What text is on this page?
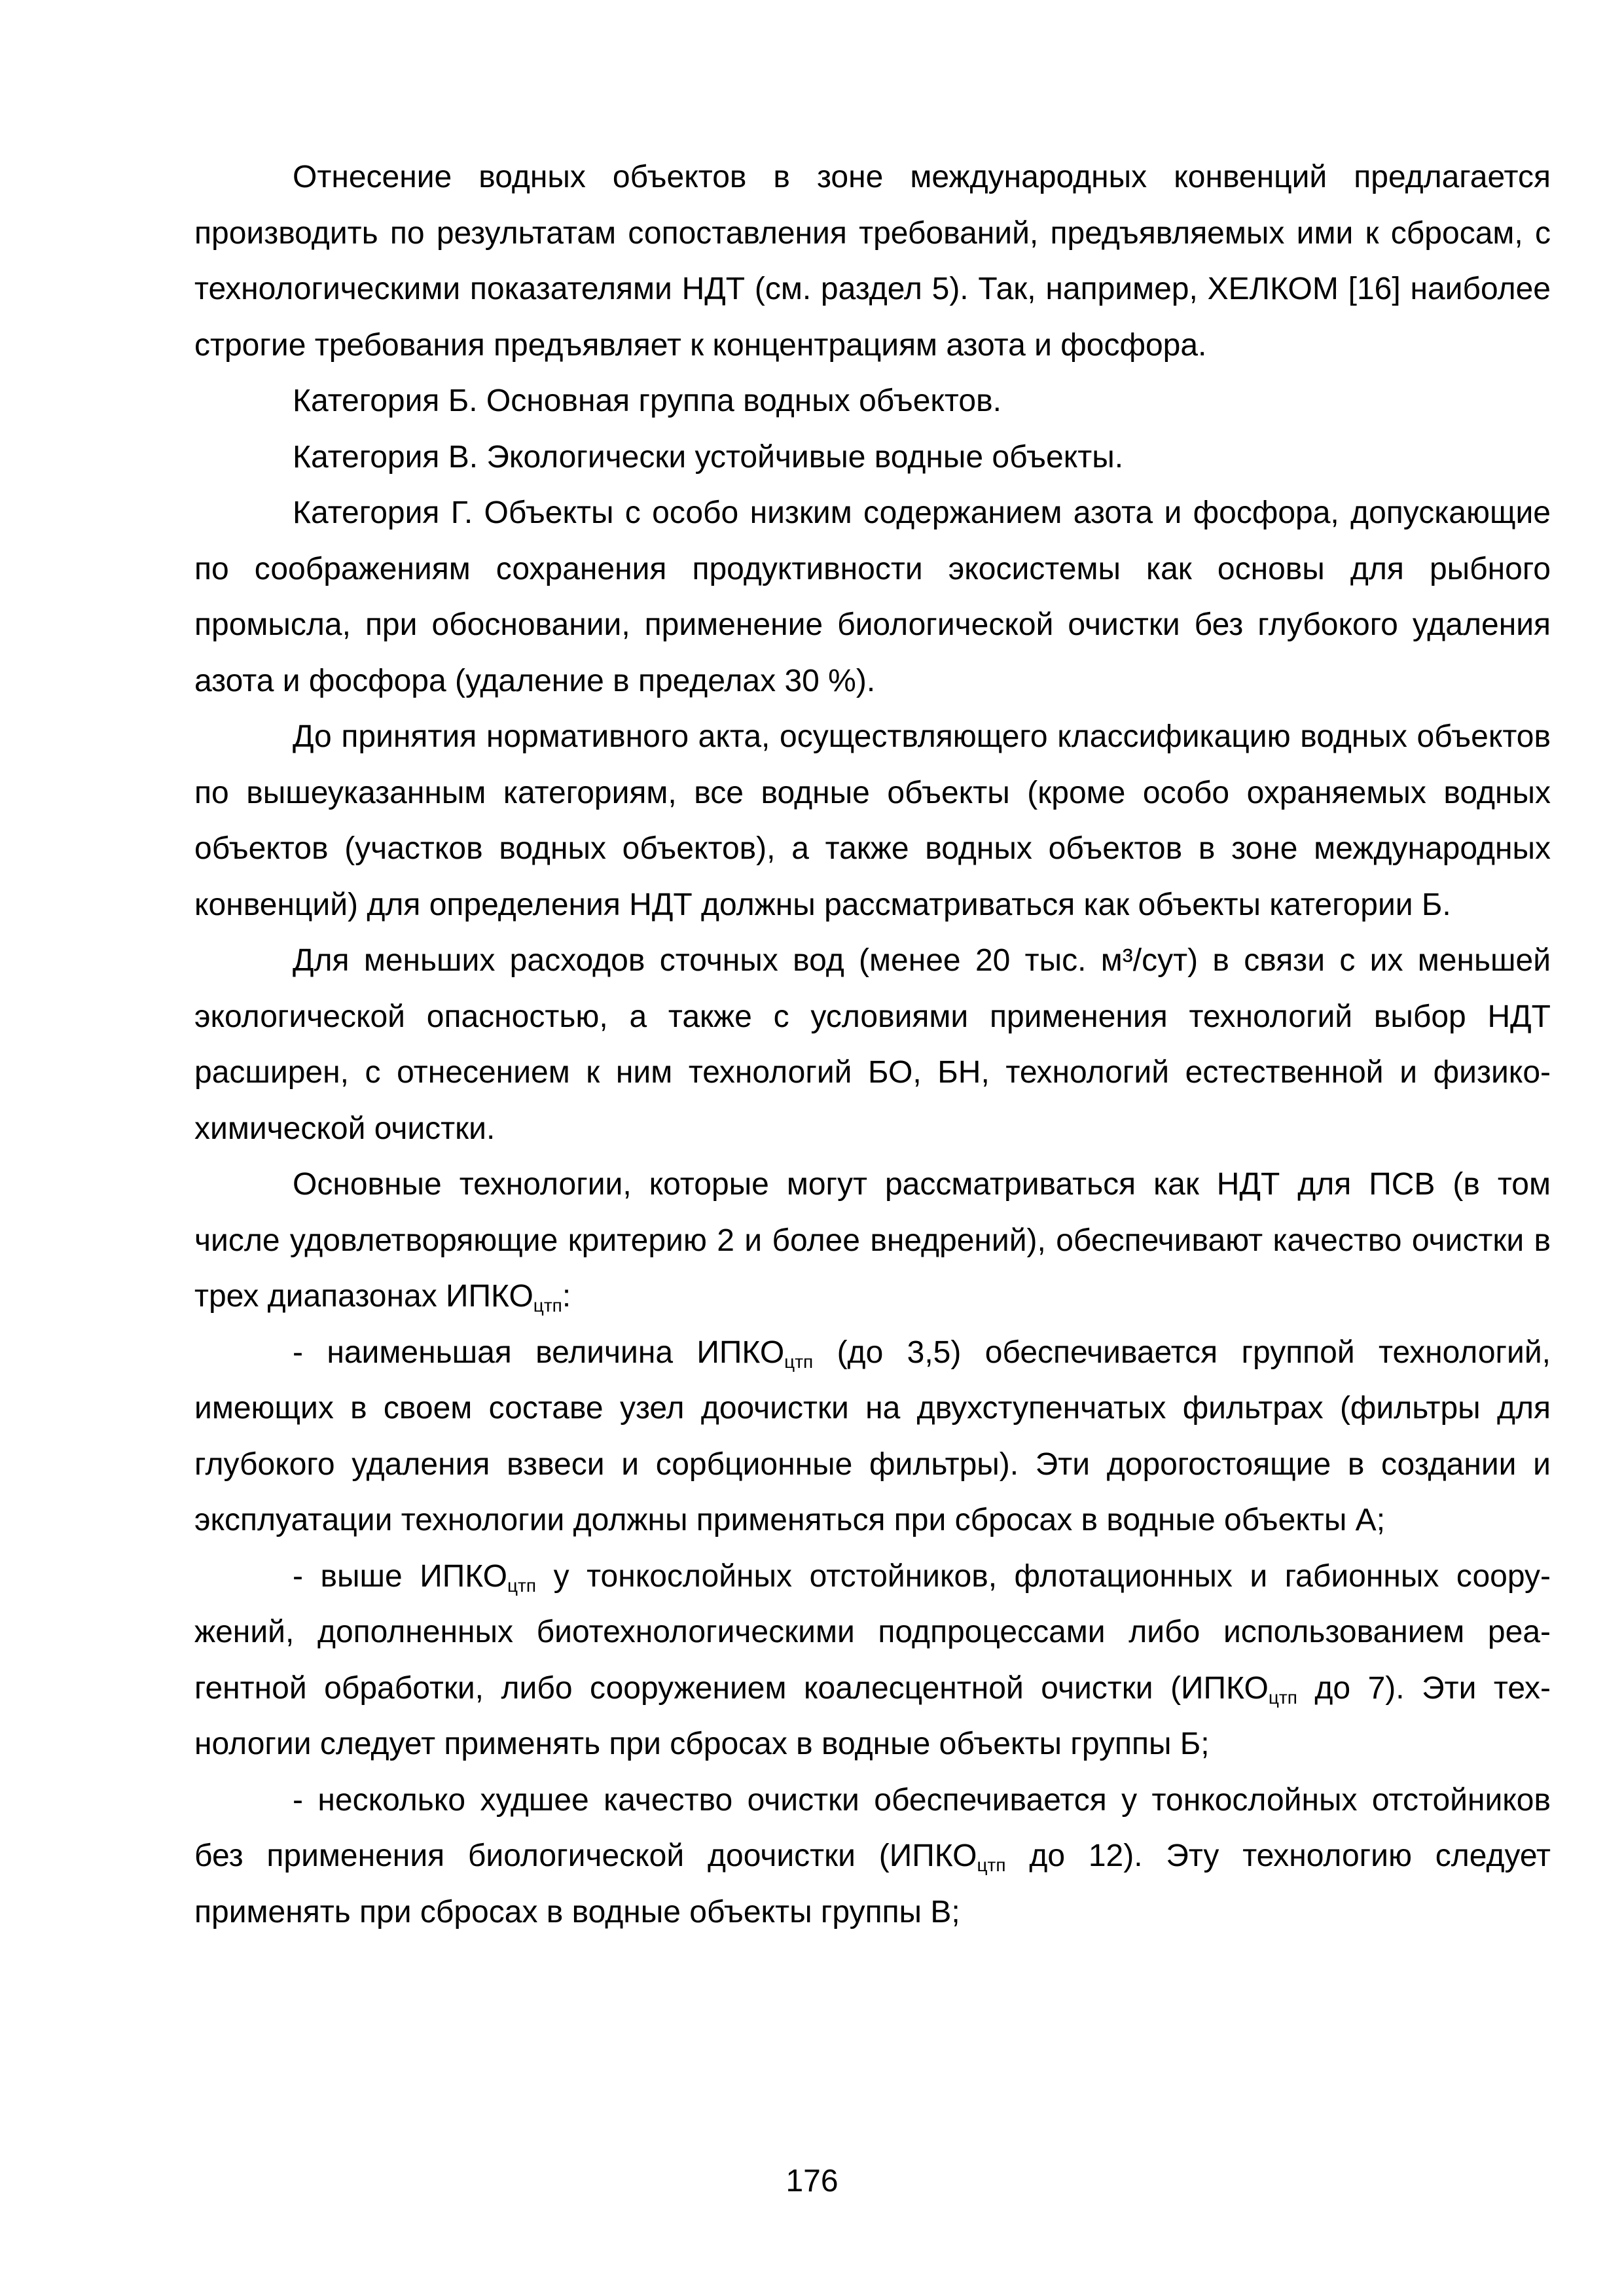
Отнесение водных объектов в зоне международных конвенций предлагается производить по результатам сопоставления требований, предъявляемых ими к сбросам, с технологическими показателями НДТ (см. раздел 5). Так, например, ХЕЛКОМ [16] наиболее строгие требования предъявляет к концентрациям азота и фосфора.

Категория Б. Основная группа водных объектов.

Категория В. Экологически устойчивые водные объекты.

Категория Г. Объекты с особо низким содержанием азота и фосфора, допускающие по соображениям сохранения продуктивности экосистемы как основы для рыбного промысла, при обосновании, применение биологической очистки без глубокого удаления азота и фосфора (удаление в пределах 30 %).

До принятия нормативного акта, осуществляющего классификацию водных объектов по вышеуказанным категориям, все водные объекты (кроме особо охраняемых водных объектов (участков водных объектов), а также водных объектов в зоне международных конвенций) для определения НДТ должны рассматриваться как объекты категории Б.

Для меньших расходов сточных вод (менее 20 тыс. м³/сут) в связи с их меньшей экологической опасностью, а также с условиями применения технологий выбор НДТ расширен, с отнесением к ним технологий БО, БН, технологий естественной и физико-химической очистки.

Основные технологии, которые могут рассматриваться как НДТ для ПСВ (в том числе удовлетворяющие критерию 2 и более внедрений), обеспечивают качество очистки в трех диапазонах $ИПКО_{цтп}$:

- наименьшая величина $ИПКО_{цтп}$ (до 3,5) обеспечивается группой технологий, имеющих в своем составе узел доочистки на двухступенчатых фильтрах (фильтры для глубокого удаления взвеси и сорбционные фильтры). Эти дорогостоящие в создании и эксплуатации технологии должны применяться при сбросах в водные объекты А;

- выше $ИПКО_{цтп}$ у тонкослойных отстойников, флотационных и габионных сооружений, дополненных биотехнологическими подпроцессами либо использованием реагентной обработки, либо сооружением коалесцентной очистки ($ИПКО_{цтп}$ до 7). Эти технологии следует применять при сбросах в водные объекты группы Б;

- несколько худшее качество очистки обеспечивается у тонкослойных отстойников без применения биологической доочистки ($ИПКО_{цтп}$ до 12). Эту технологию следует применять при сбросах в водные объекты группы В;

176
